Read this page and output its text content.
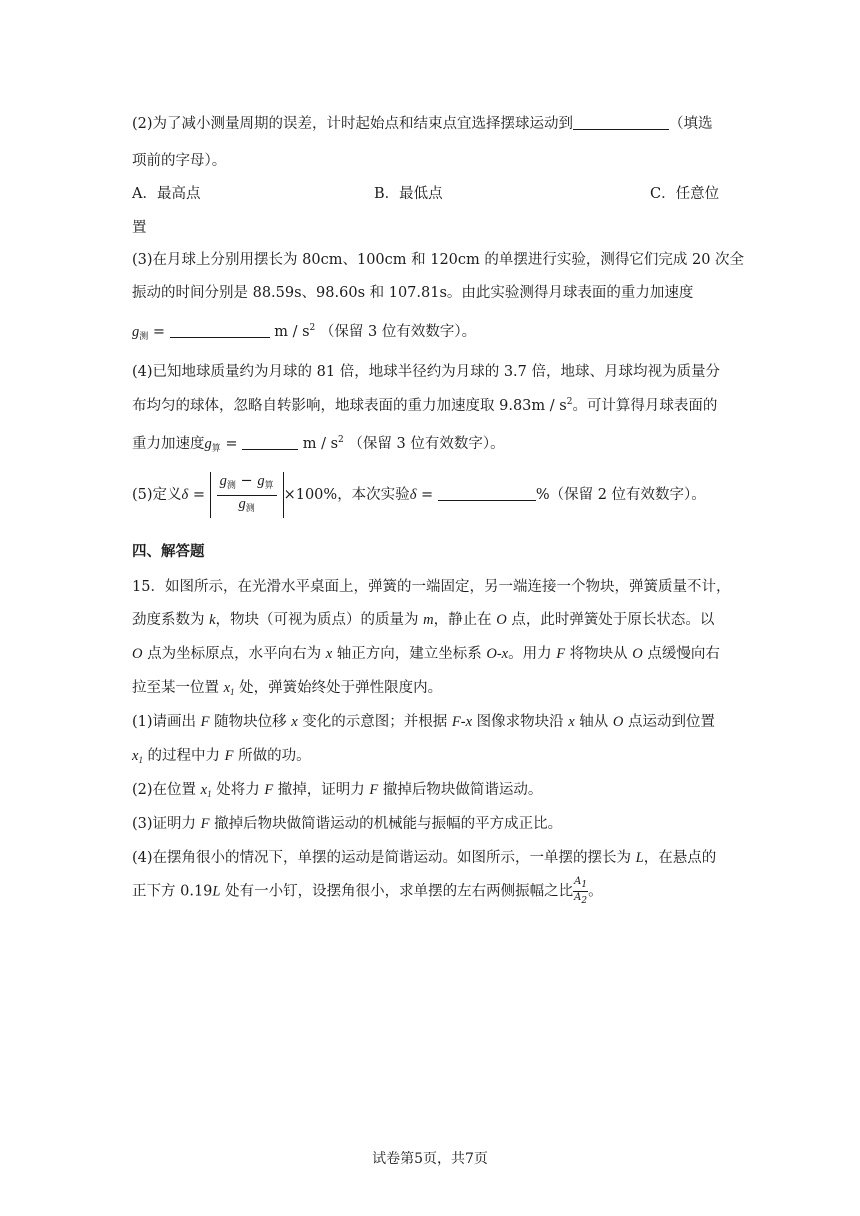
(2)为了减小测量周期的误差，计时起始点和结束点宜选择摆球运动到	（填选
项前的字母）。
A．最高点	B．最低点	C．任意位
置
(3)在月球上分别用摆长为 80cm、100cm 和 120cm 的单摆进行实验，测得它们完成 20 次全
振动的时间分别是 88.59s、98.60s 和 107.81s。由此实验测得月球表面的重力加速度
$g_测$ =	m / $s^2$ （保留 3 位有效数字）。
(4)已知地球质量约为月球的 81 倍，地球半径约为月球的 3.7 倍，地球、月球均视为质量分
布均匀的球体，忽略自转影响，地球表面的重力加速度取 $9.83m / s^2$。可计算得月球表面的
重力加速度$g_算$ =	m / $s^2$ （保留 3 位有效数字）。
(5)定义$\delta = \frac{g_测 - g_算}{g_测} \times 100\%$，本次实验δ =	%（保留 2 位有效数字）。
四、解答题
15．如图所示，在光滑水平桌面上，弹簧的一端固定，另一端连接一个物块，弹簧质量不计，
劲度系数为 k，物块（可视为质点）的质量为 m，静止在 O 点，此时弹簧处于原长状态。以
O 点为坐标原点，水平向右为 x 轴正方向，建立坐标系 O-x。用力 F 将物块从 O 点缓慢向右
拉至某一位置 $x_1$ 处，弹簧始终处于弹性限度内。
(1)请画出 F 随物块位移 x 变化的示意图；并根据 F-x 图像求物块沿 x 轴从 O 点运动到位置
$x_1$ 的过程中力 F 所做的功。
(2)在位置 $x_1$ 处将力 F 撤掉，证明力 F 撤掉后物块做简谐运动。
(3)证明力 F 撤掉后物块做简谐运动的机械能与振幅的平方成正比。
(4)在摆角很小的情况下，单摆的运动是简谐运动。如图所示，一单摆的摆长为 L，在悬点的
正下方 0.19L 处有一小钉，设摆角很小，求单摆的左右两侧振幅之比 $\frac{A1}{A2}$ 。
试卷第5页，共7页
